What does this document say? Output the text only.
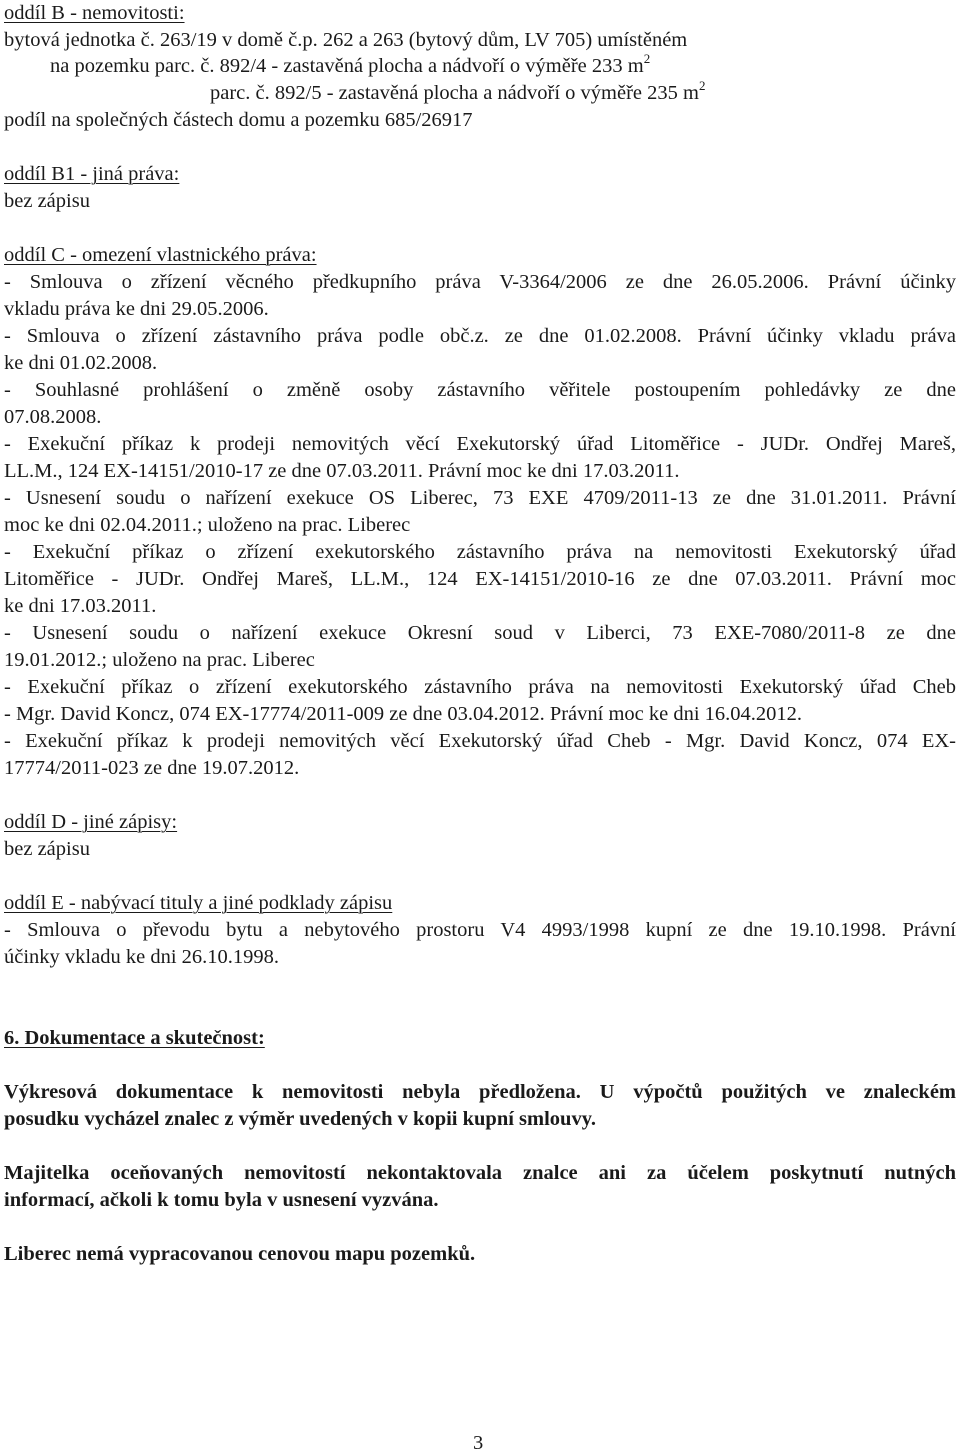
oddíl B - nemovitosti:
bytová jednotka č. 263/19 v domě č.p. 262 a 263 (bytový dům, LV 705) umístěném
na pozemku parc. č. 892/4 - zastavěná plocha a nádvoří o výměře 233 $m^2$
parc. č. 892/5 - zastavěná plocha a nádvoří o výměře 235 $m^2$
podíl na společných částech domu a pozemku 685/26917
oddíl B1 - jiná práva:
bez zápisu
oddíl C - omezení vlastnického práva:
- Smlouva o zřízení věcného předkupního práva V-3364/2006 ze dne 26.05.2006. Právní účinky
vkladu práva ke dni 29.05.2006.
- Smlouva o zřízení zástavního práva podle obč.z. ze dne 01.02.2008. Právní účinky vkladu práva
ke dni 01.02.2008.
- Souhlasné prohlášení o změně osoby zástavního věřitele postoupením pohledávky ze dne
07.08.2008.
- Exekuční příkaz k prodeji nemovitých věcí Exekutorský úřad Litoměřice - JUDr. Ondřej Mareš,
LL.M., 124 EX-14151/2010-17 ze dne 07.03.2011. Právní moc ke dni 17.03.2011.
- Usnesení soudu o nařízení exekuce OS Liberec, 73 EXE 4709/2011-13 ze dne 31.01.2011. Právní
moc ke dni 02.04.2011.; uloženo na prac. Liberec
- Exekuční příkaz o zřízení exekutorského zástavního práva na nemovitosti Exekutorský úřad
Litoměřice - JUDr. Ondřej Mareš, LL.M., 124 EX-14151/2010-16 ze dne 07.03.2011. Právní moc
ke dni 17.03.2011.
- Usnesení soudu o nařízení exekuce Okresní soud v Liberci, 73 EXE-7080/2011-8 ze dne
19.01.2012.; uloženo na prac. Liberec
- Exekuční příkaz o zřízení exekutorského zástavního práva na nemovitosti Exekutorský úřad Cheb
- Mgr. David Koncz, 074 EX-17774/2011-009 ze dne 03.04.2012. Právní moc ke dni 16.04.2012.
- Exekuční příkaz k prodeji nemovitých věcí Exekutorský úřad Cheb - Mgr. David Koncz, 074 EX-
17774/2011-023 ze dne 19.07.2012.
oddíl D - jiné zápisy:
bez zápisu
oddíl E - nabývací tituly a jiné podklady zápisu
- Smlouva o převodu bytu a nebytového prostoru V4 4993/1998 kupní ze dne 19.10.1998. Právní
účinky vkladu ke dni 26.10.1998.
6. Dokumentace a skutečnost:
Výkresová dokumentace k nemovitosti nebyla předložena. U výpočtů použitých ve znaleckém
posudku vycházel znalec z výměr uvedených v kopii kupní smlouvy.
Majitelka oceňovaných nemovitostí nekontaktovala znalce ani za účelem poskytnutí nutných
informací, ačkoli k tomu byla v usnesení vyzvána.
Liberec nemá vypracovanou cenovou mapu pozemků.
3
